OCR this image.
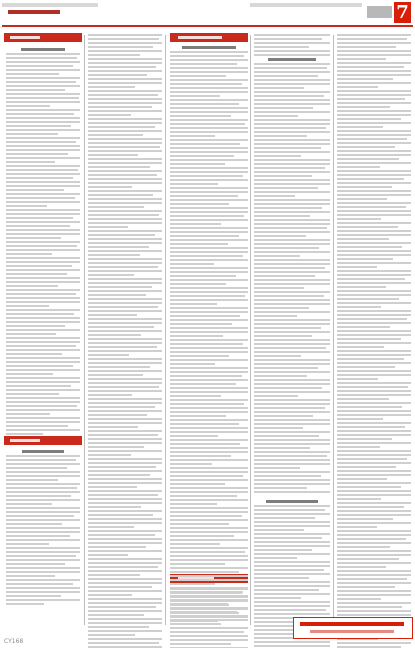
7
CY168
